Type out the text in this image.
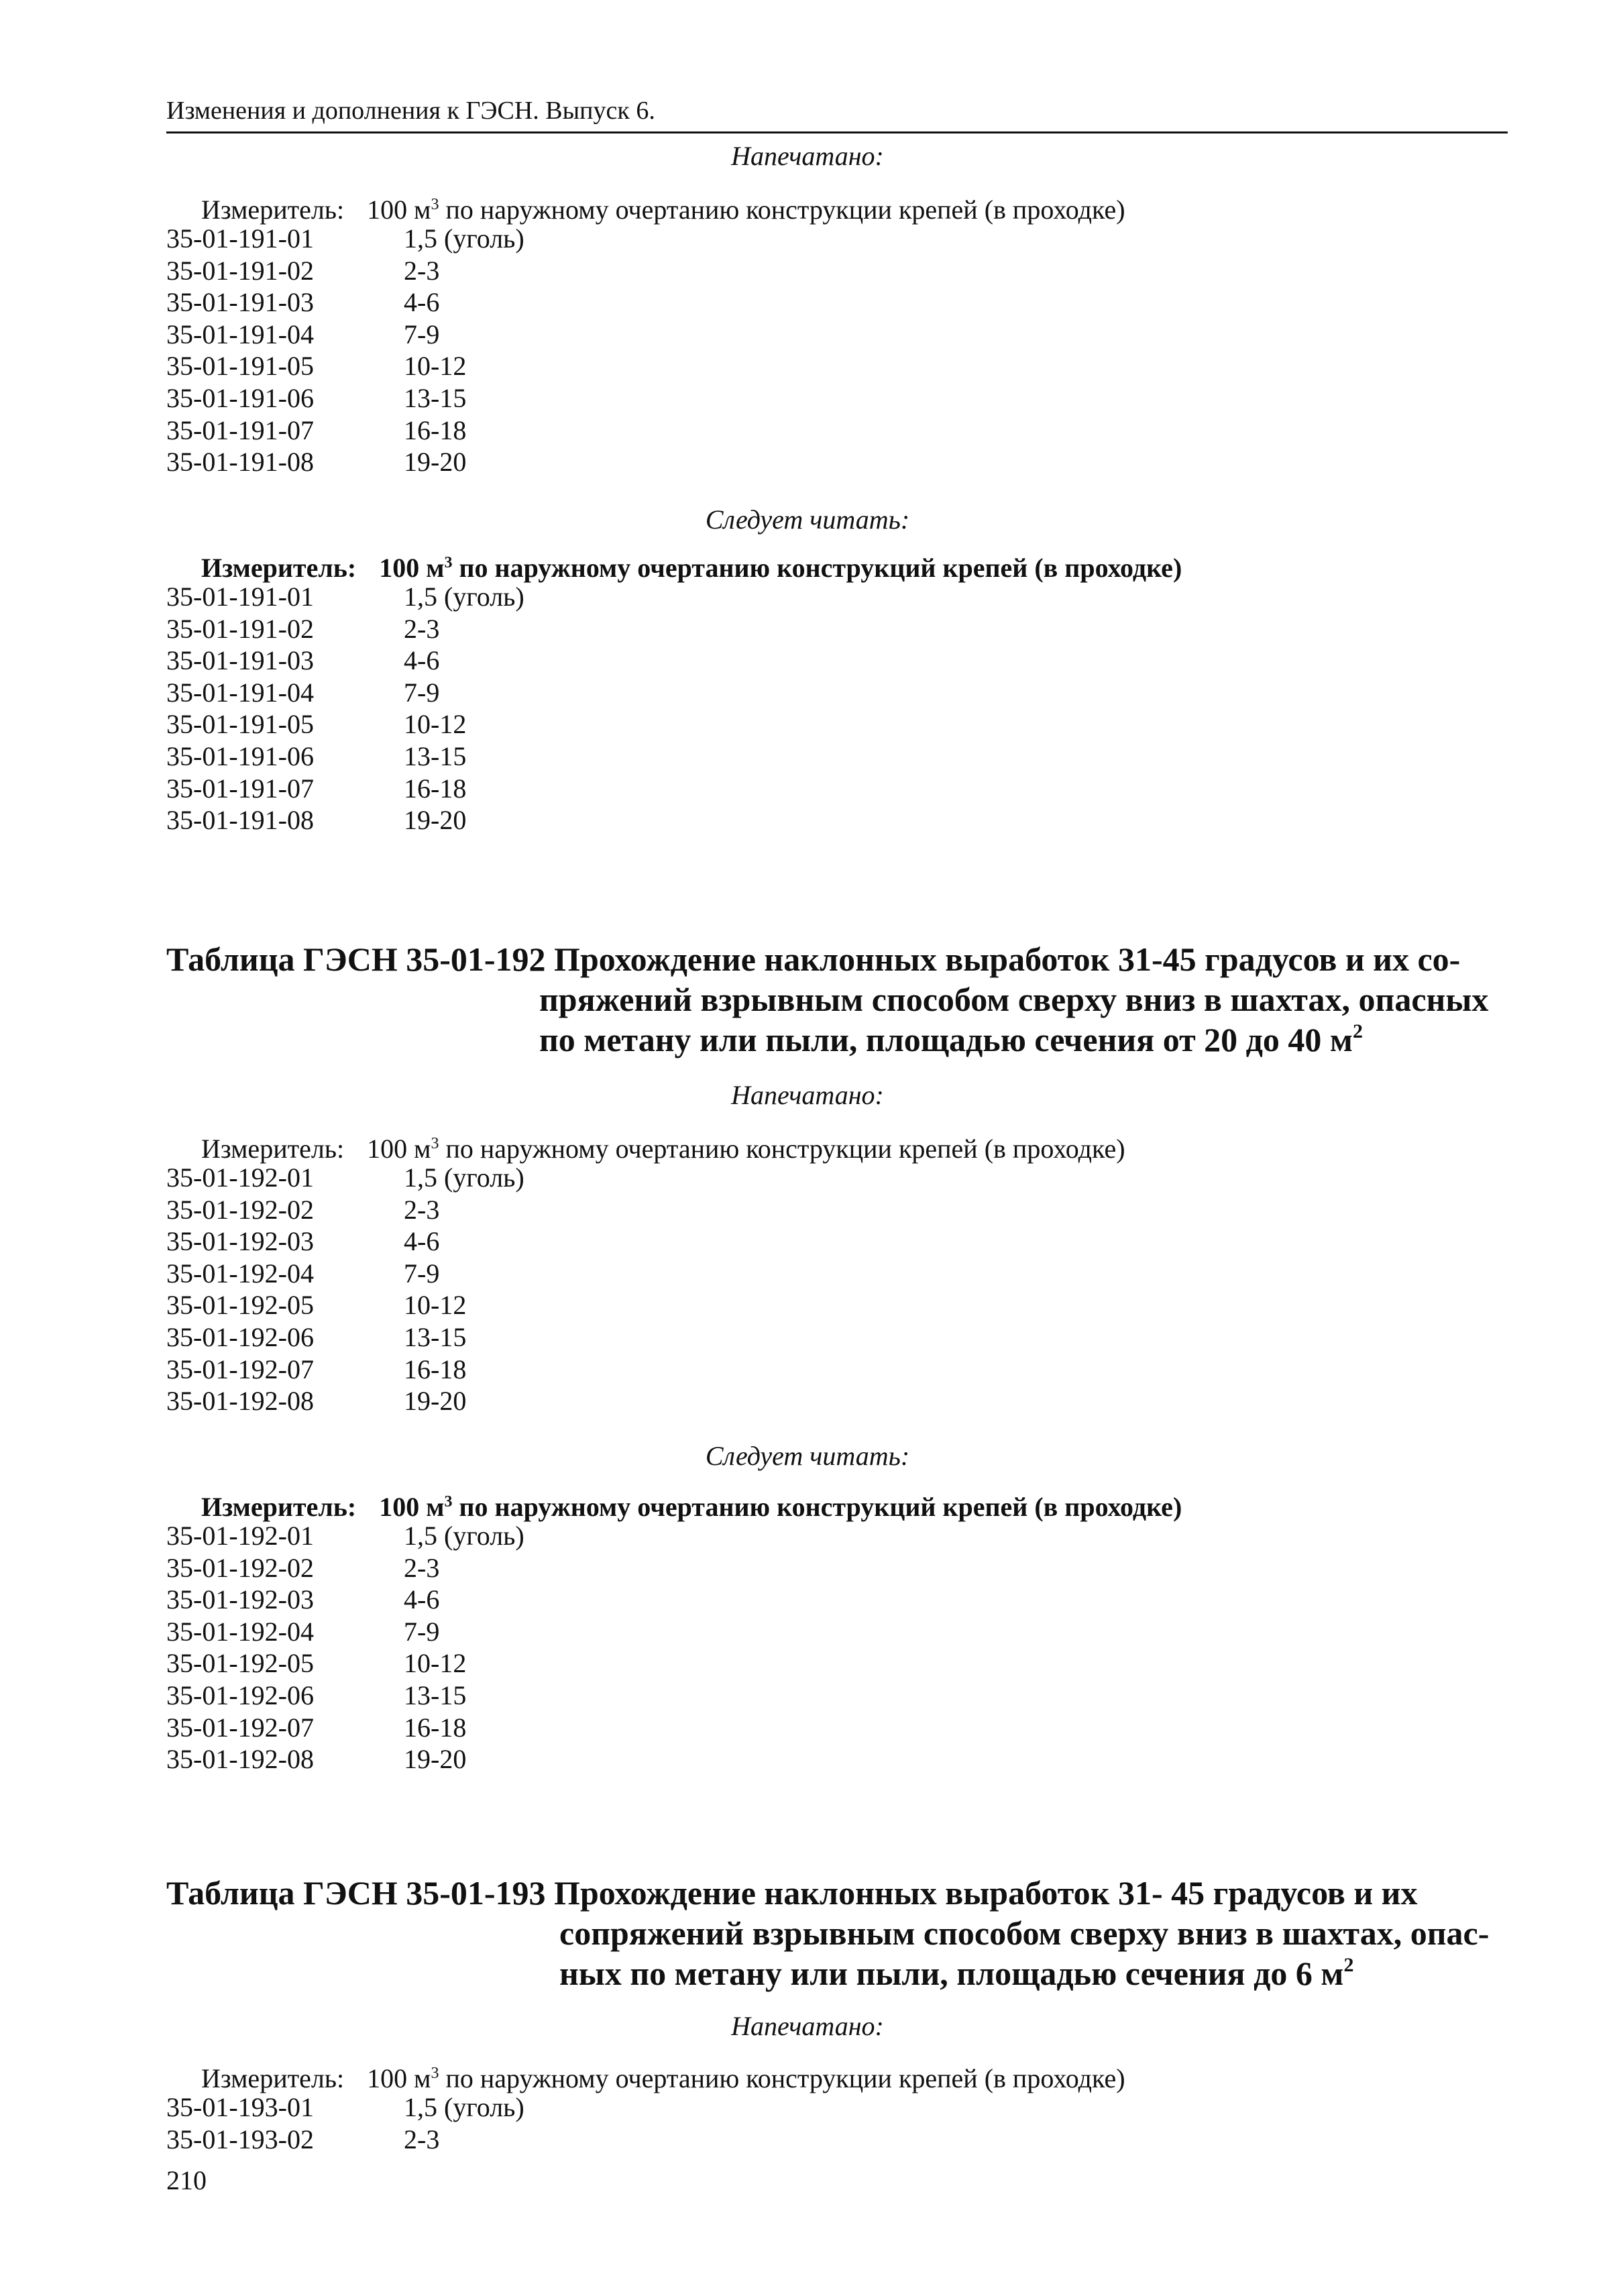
Изменения и дополнения к ГЭСН. Выпуск 6.
Напечатано:
Измеритель: 100 $м^3$ по наружному очертанию конструкции крепей (в проходке)
35-01-191-01	1,5 (уголь)
35-01-191-02	2-3
35-01-191-03	4-6
35-01-191-04	7-9
35-01-191-05	10-12
35-01-191-06	13-15
35-01-191-07	16-18
35-01-191-08	19-20
Следует читать:
Измеритель: 100 $м^3$ по наружному очертанию конструкций крепей (в проходке)
35-01-191-01	1,5 (уголь)
35-01-191-02	2-3
35-01-191-03	4-6
35-01-191-04	7-9
35-01-191-05	10-12
35-01-191-06	13-15
35-01-191-07	16-18
35-01-191-08	19-20
Таблица ГЭСН 35-01-192 Прохождение наклонных выработок 31-45 градусов и их со-
пряжений взрывным способом сверху вниз в шахтах, опасных
по метану или пыли, площадью сечения от 20 до 40 $м^2$
Напечатано:
Измеритель: 100 $м^3$ по наружному очертанию конструкции крепей (в проходке)
35-01-192-01	1,5 (уголь)
35-01-192-02	2-3
35-01-192-03	4-6
35-01-192-04	7-9
35-01-192-05	10-12
35-01-192-06	13-15
35-01-192-07	16-18
35-01-192-08	19-20
Следует читать:
Измеритель: 100 $м^3$ по наружному очертанию конструкций крепей (в проходке)
35-01-192-01	1,5 (уголь)
35-01-192-02	2-3
35-01-192-03	4-6
35-01-192-04	7-9
35-01-192-05	10-12
35-01-192-06	13-15
35-01-192-07	16-18
35-01-192-08	19-20
Таблица ГЭСН 35-01-193 Прохождение наклонных выработок 31- 45 градусов и их
сопряжений взрывным способом сверху вниз в шахтах, опас-
ных по метану или пыли, площадью сечения до 6 $м^2$
Напечатано:
Измеритель: 100 $м^3$ по наружному очертанию конструкции крепей (в проходке)
35-01-193-01	1,5 (уголь)
35-01-193-02	2-3
210
